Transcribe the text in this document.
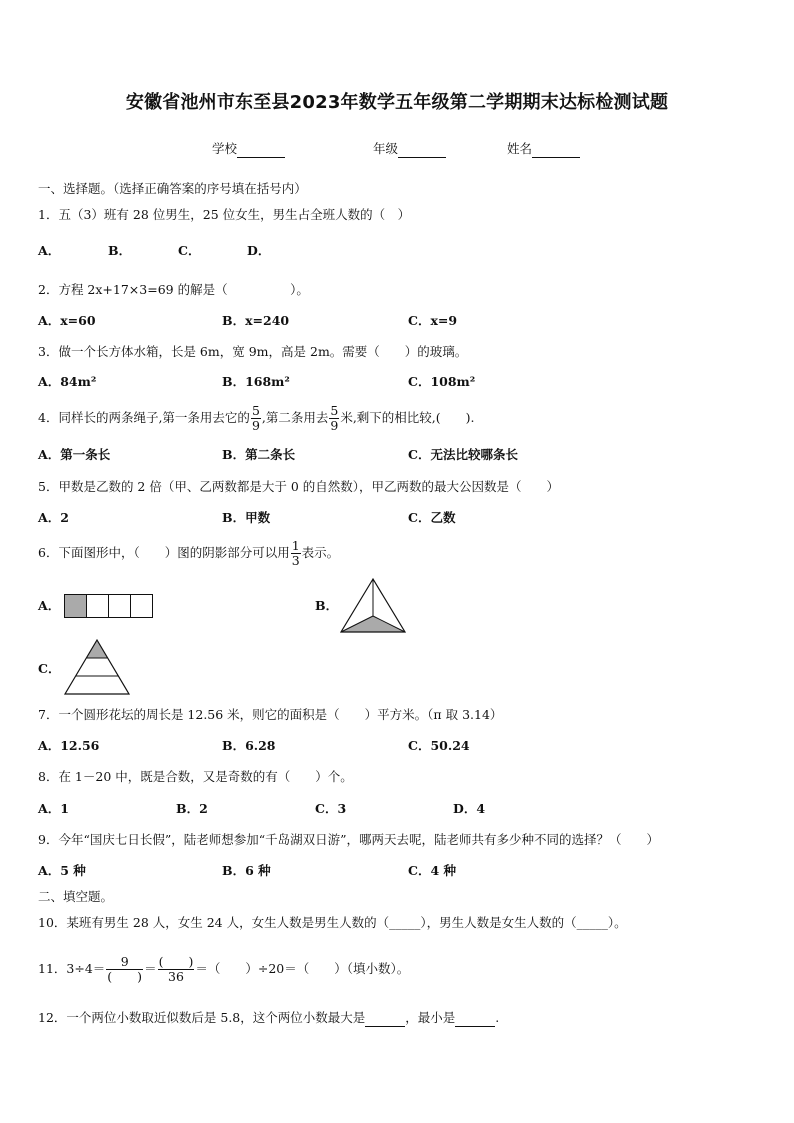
安徽省池州市东至县2023年数学五年级第二学期期末达标检测试题
学校	年级	姓名
一、选择题。（选择正确答案的序号填在括号内）
1．五（3）班有 28 位男生，25 位女生，男生占全班人数的（　）
A．	B．	C．	D．
2．方程 2x+17×3=69 的解是（　　　　　）。
A．x=60	B．x=240	C．x=9
3．做一个长方体水箱，长是 6m，宽 9m，高是 2m。需要（　　）的玻璃。
A．84m²	B．168m²	C．108m²
4．同样长的两条绳子,第一条用去它的 $\frac{5}{9}$ ,第二条用去 $\frac{5}{9}$ 米,剩下的相比较,(　　).
A．第一条长	B．第二条长	C．无法比较哪条长
5．甲数是乙数的 2 倍（甲、乙两数都是大于 0 的自然数），甲乙两数的最大公因数是（　　）
A．2	B．甲数	C．乙数
6．下面图形中，（　　）图的阴影部分可以用 $\frac{1}{3}$ 表示。
A．	B．
C．
7．一个圆形花坛的周长是 12.56 米，则它的面积是（　　）平方米。（π 取 3.14）
A．12.56	B．6.28	C．50.24
8．在 1－20 中，既是合数，又是奇数的有（　　）个。
A．1	B．2	C．3	D．4
9．今年“国庆七日长假”，陆老师想参加“千岛湖双日游”，哪两天去呢，陆老师共有多少种不同的选择？（　　）
A．5 种	B．6 种	C．4 种
二、填空题。
10．某班有男生 28 人，女生 24 人，女生人数是男生人数的（_____），男生人数是女生人数的（_____）。
11．$3\div 4= \frac{9}{( )} = \frac{( )}{36}$ ＝（　　）÷20＝（　　）（填小数）。
12．一个两位小数取近似数后是 5.8，这个两位小数最大是	，最小是	.
